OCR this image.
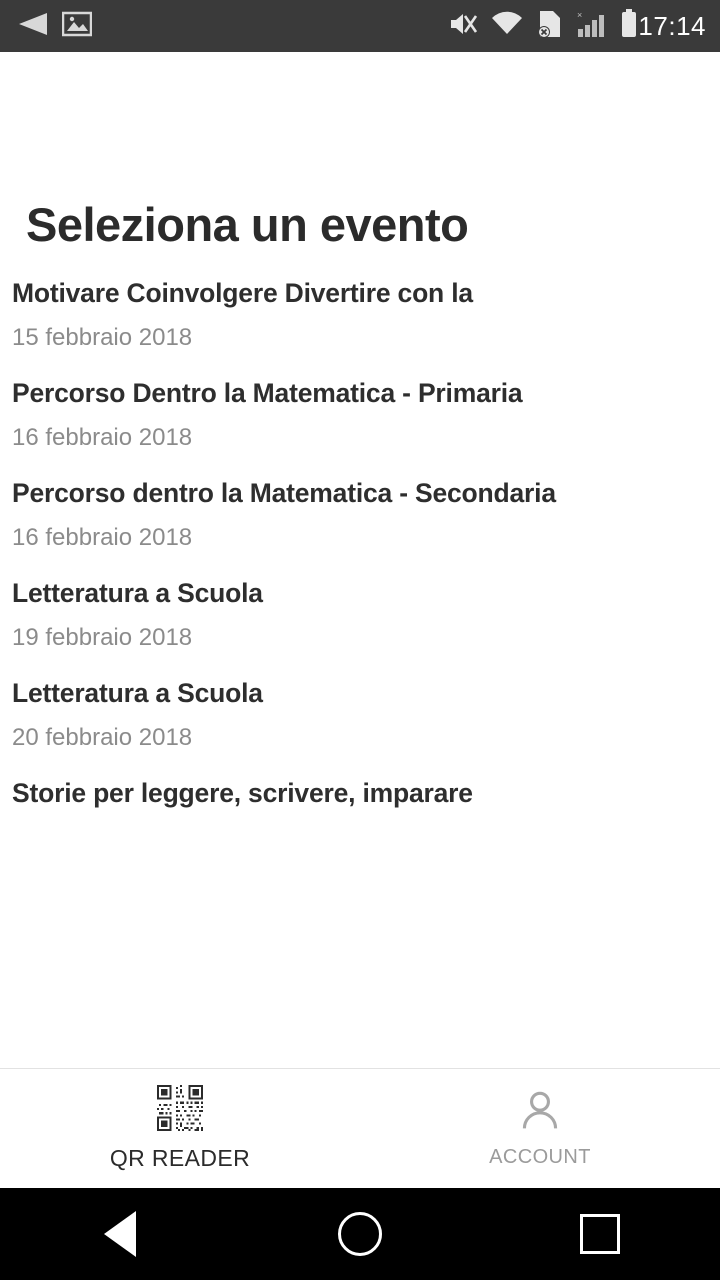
× 17:14
Seleziona un evento
Motivare Coinvolgere Divertire con la
15 febbraio 2018
Percorso Dentro la Matematica - Primaria
16 febbraio 2018
Percorso dentro la Matematica - Secondaria
16 febbraio 2018
Letteratura a Scuola
19 febbraio 2018
Letteratura a Scuola
20 febbraio 2018
Storie per leggere, scrivere, imparare
QR READER	ACCOUNT
